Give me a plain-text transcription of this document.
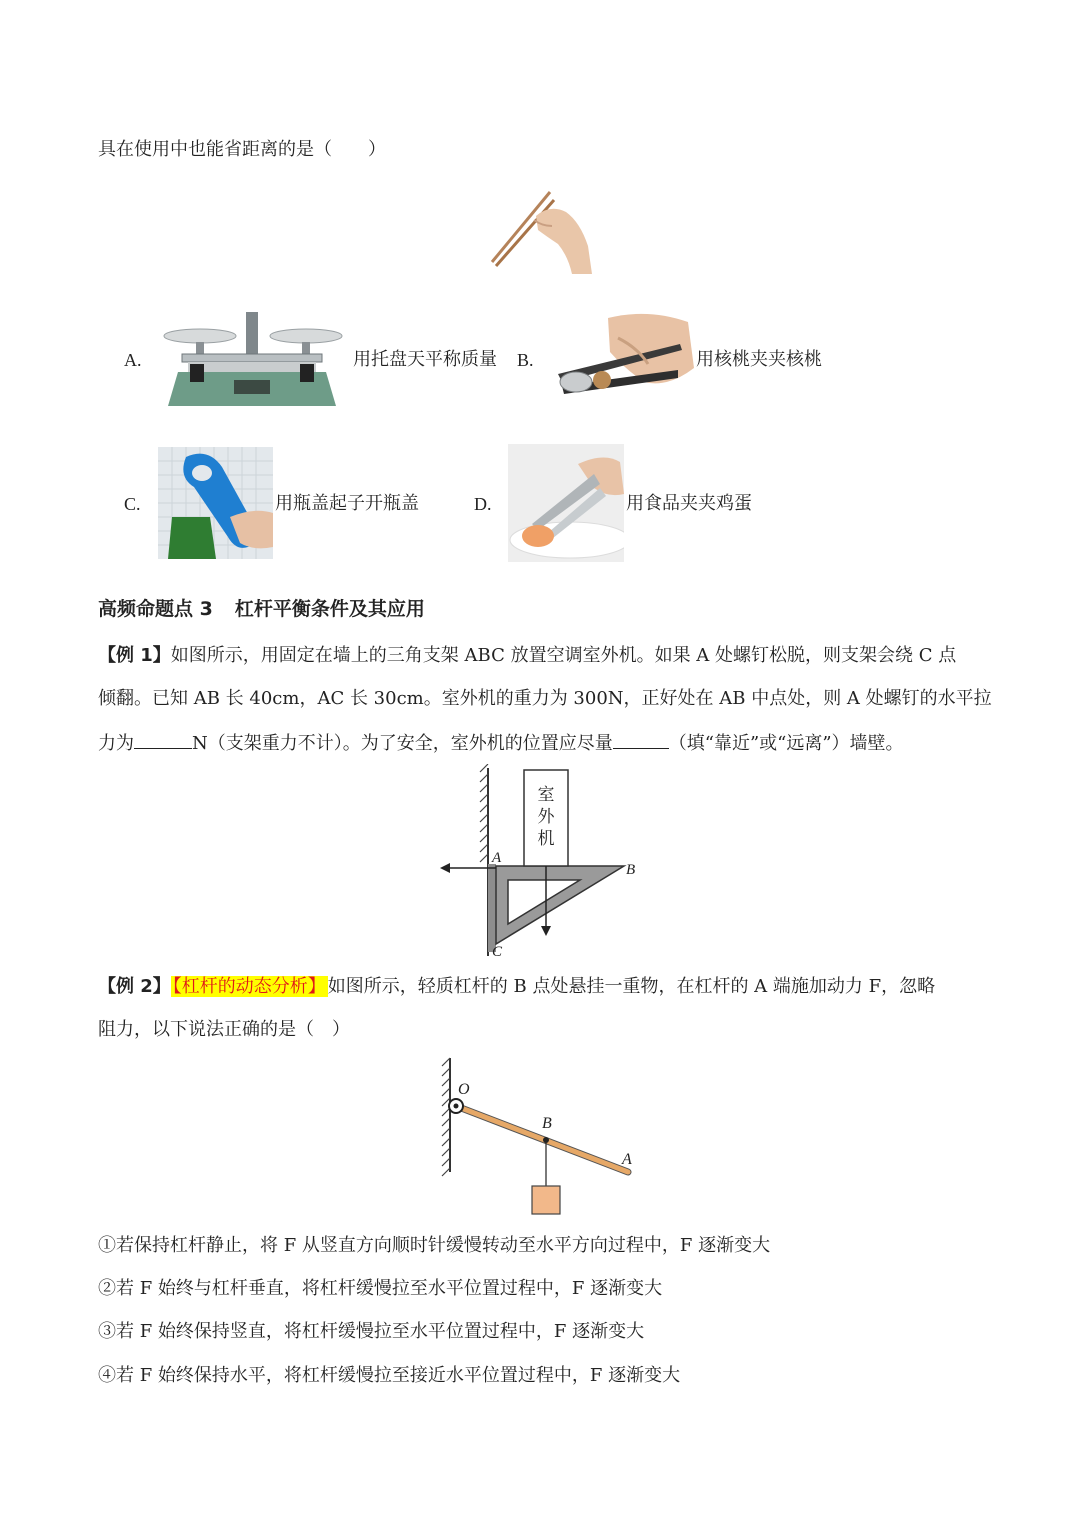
具在使用中也能省距离的是（　　）
A.	用托盘天平称质量 B.	用核桃夹夹核桃
C.	用瓶盖起子开瓶盖	D.	用食品夹夹鸡蛋
高频命题点 3 杠杆平衡条件及其应用
【例 1】如图所示，用固定在墙上的三角支架 ABC 放置空调室外机。如果 A 处螺钉松脱，则支架会绕 C 点
倾翻。已知 AB 长 40cm，AC 长 30cm。室外机的重力为 300N，正好处在 AB 中点处，则 A 处螺钉的水平拉
力为	N（支架重力不计）。为了安全，室外机的位置应尽量	（填“靠近”或“远离”）墙壁。
室
外
机
A
B
C
【例 2】 【杠杆的动态分析】 如图所示，轻质杠杆的 B 点处悬挂一重物，在杠杆的 A 端施加动力 F，忽略
阻力，以下说法正确的是（　）
O
B
A
①若保持杠杆静止，将 F 从竖直方向顺时针缓慢转动至水平方向过程中，F 逐渐变大
②若 F 始终与杠杆垂直，将杠杆缓慢拉至水平位置过程中，F 逐渐变大
③若 F 始终保持竖直，将杠杆缓慢拉至水平位置过程中，F 逐渐变大
④若 F 始终保持水平，将杠杆缓慢拉至接近水平位置过程中，F 逐渐变大
